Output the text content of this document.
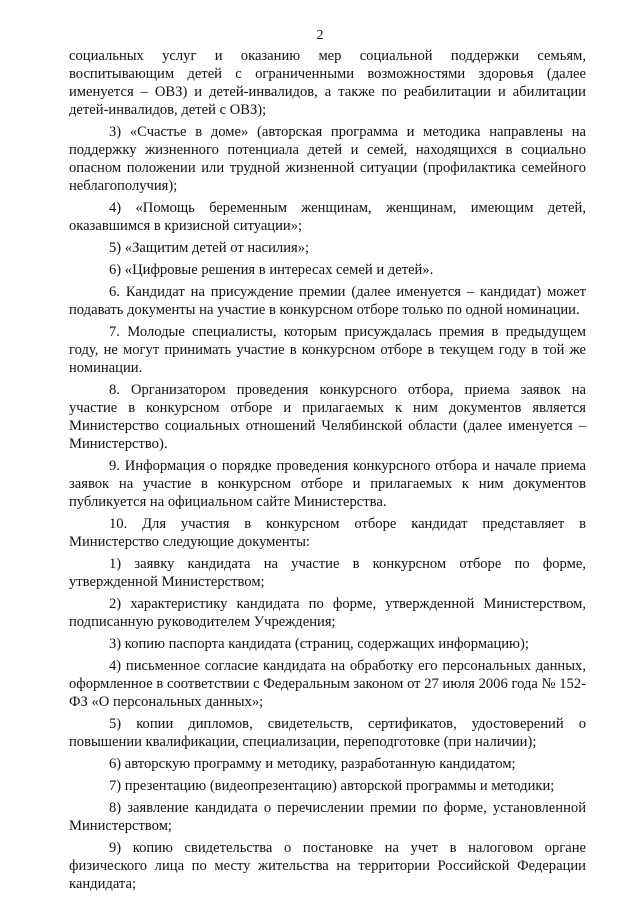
2

социальных услуг и оказанию мер социальной поддержки семьям, воспитывающим детей с ограниченными возможностями здоровья (далее именуется – ОВЗ) и детей-инвалидов, а также по реабилитации и абилитации детей-инвалидов, детей с ОВЗ);

3) «Счастье в доме» (авторская программа и методика направлены на поддержку жизненного потенциала детей и семей, находящихся в социально опасном положении или трудной жизненной ситуации (профилактика семейного неблагополучия);

4) «Помощь беременным женщинам, женщинам, имеющим детей, оказавшимся в кризисной ситуации»;

5) «Защитим детей от насилия»;

6) «Цифровые решения в интересах семей и детей».

6. Кандидат на присуждение премии (далее именуется – кандидат) может подавать документы на участие в конкурсном отборе только по одной номинации.

7. Молодые специалисты, которым присуждалась премия в предыдущем году, не могут принимать участие в конкурсном отборе в текущем году в той же номинации.

8. Организатором проведения конкурсного отбора, приема заявок на участие в конкурсном отборе и прилагаемых к ним документов является Министерство социальных отношений Челябинской области (далее именуется – Министерство).

9. Информация о порядке проведения конкурсного отбора и начале приема заявок на участие в конкурсном отборе и прилагаемых к ним документов публикуется на официальном сайте Министерства.

10. Для участия в конкурсном отборе кандидат представляет в Министерство следующие документы:

1) заявку кандидата на участие в конкурсном отборе по форме, утвержденной Министерством;

2) характеристику кандидата по форме, утвержденной Министерством, подписанную руководителем Учреждения;

3) копию паспорта кандидата (страниц, содержащих информацию);

4) письменное согласие кандидата на обработку его персональных данных, оформленное в соответствии с Федеральным законом от 27 июля 2006 года № 152-ФЗ «О персональных данных»;

5) копии дипломов, свидетельств, сертификатов, удостоверений о повышении квалификации, специализации, переподготовке (при наличии);

6) авторскую программу и методику, разработанную кандидатом;

7) презентацию (видеопрезентацию) авторской программы и методики;

8) заявление кандидата о перечислении премии по форме, установленной Министерством;

9) копию свидетельства о постановке на учет в налоговом органе физического лица по месту жительства на территории Российской Федерации кандидата;
